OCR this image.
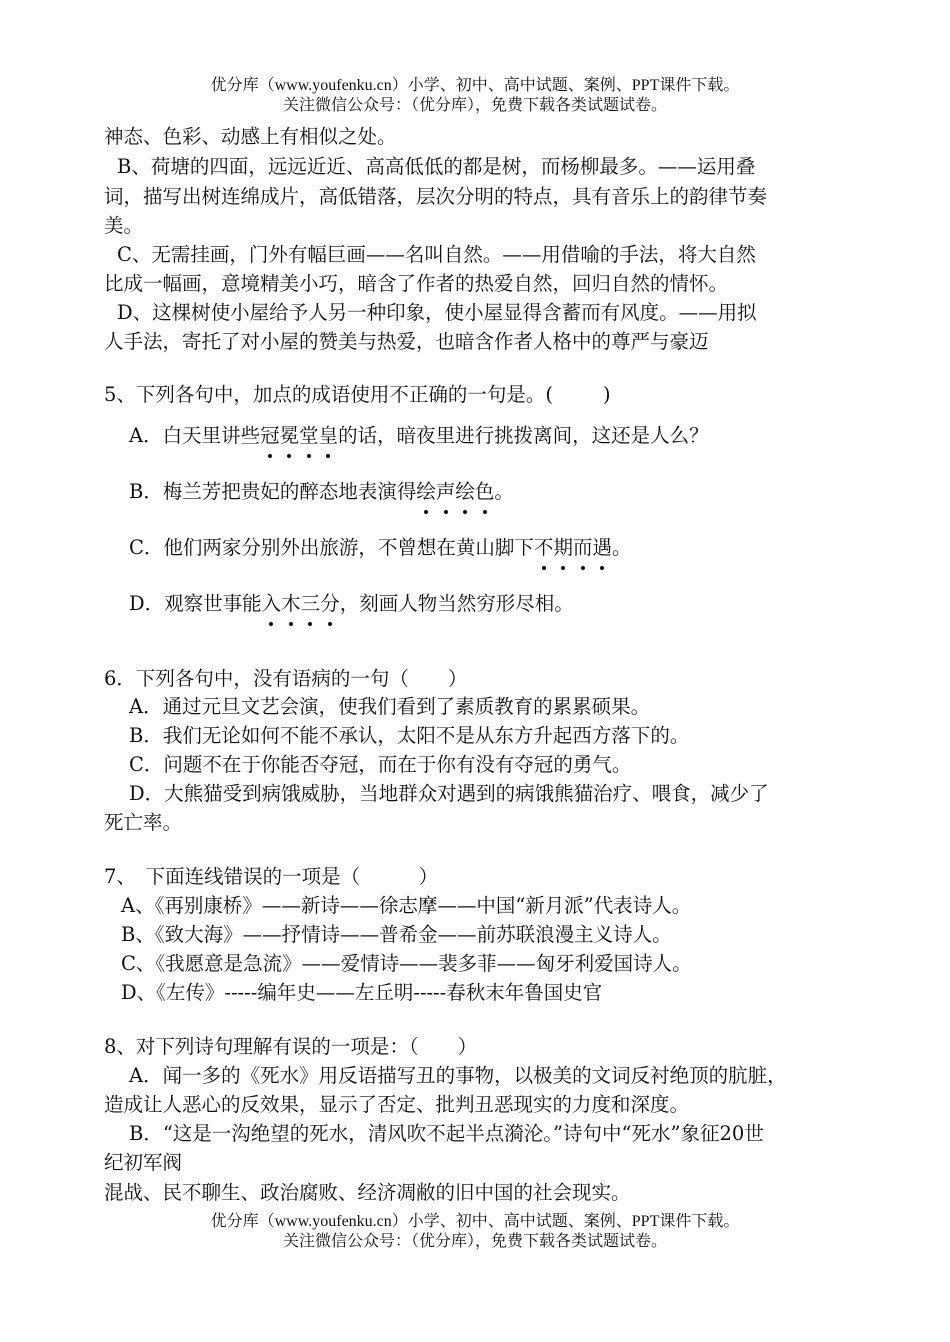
优分库（www.youfenku.cn）小学、初中、高中试题、案例、PPT课件下载。
关注微信公众号：（优分库），免费下载各类试题试卷。
神态、色彩、动感上有相似之处。
B、荷塘的四面，远远近近、高高低低的都是树，而杨柳最多。——运用叠
词，描写出树连绵成片，高低错落，层次分明的特点，具有音乐上的韵律节奏
美。
C、无需挂画，门外有幅巨画——名叫自然。——用借喻的手法，将大自然
比成一幅画，意境精美小巧，暗含了作者的热爱自然，回归自然的情怀。
D、这棵树使小屋给予人另一种印象，使小屋显得含蓄而有风度。——用拟
人手法，寄托了对小屋的赞美与热爱，也暗含作者人格中的尊严与豪迈
5、下列各句中，加点的成语使用不正确的一句是。(	)
A．白天里讲些冠冕堂皇的话，暗夜里进行挑拨离间，这还是人么？
B．梅兰芳把贵妃的醉态地表演得绘声绘色。
C．他们两家分别外出旅游，不曾想在黄山脚下不期而遇。
D．观察世事能入木三分，刻画人物当然穷形尽相。
6．下列各句中，没有语病的一句（　　）
A．通过元旦文艺会演，使我们看到了素质教育的累累硕果。
B．我们无论如何不能不承认，太阳不是从东方升起西方落下的。
C．问题不在于你能否夺冠，而在于你有没有夺冠的勇气。
D．大熊猫受到病饿威胁，当地群众对遇到的病饿熊猫治疗、喂食，减少了
死亡率。
7、　下面连线错误的一项是（　　　）
A、《再别康桥》——新诗——徐志摩——中国“新月派”代表诗人。
B、《致大海》——抒情诗——普希金——前苏联浪漫主义诗人。
C、《我愿意是急流》——爱情诗——裴多菲——匈牙利爱国诗人。
D、《左传》-----编年史——左丘明-----春秋末年鲁国史官
8、对下列诗句理解有误的一项是：（　　）
A．闻一多的《死水》用反语描写丑的事物，以极美的文词反衬绝顶的肮脏，
造成让人恶心的反效果，显示了否定、批判丑恶现实的力度和深度。
B．“这是一沟绝望的死水，清风吹不起半点漪沦。”诗句中“死水”象征20世
纪初军阀
混战、民不聊生、政治腐败、经济凋敝的旧中国的社会现实。
优分库（www.youfenku.cn）小学、初中、高中试题、案例、PPT课件下载。
关注微信公众号：（优分库），免费下载各类试题试卷。
